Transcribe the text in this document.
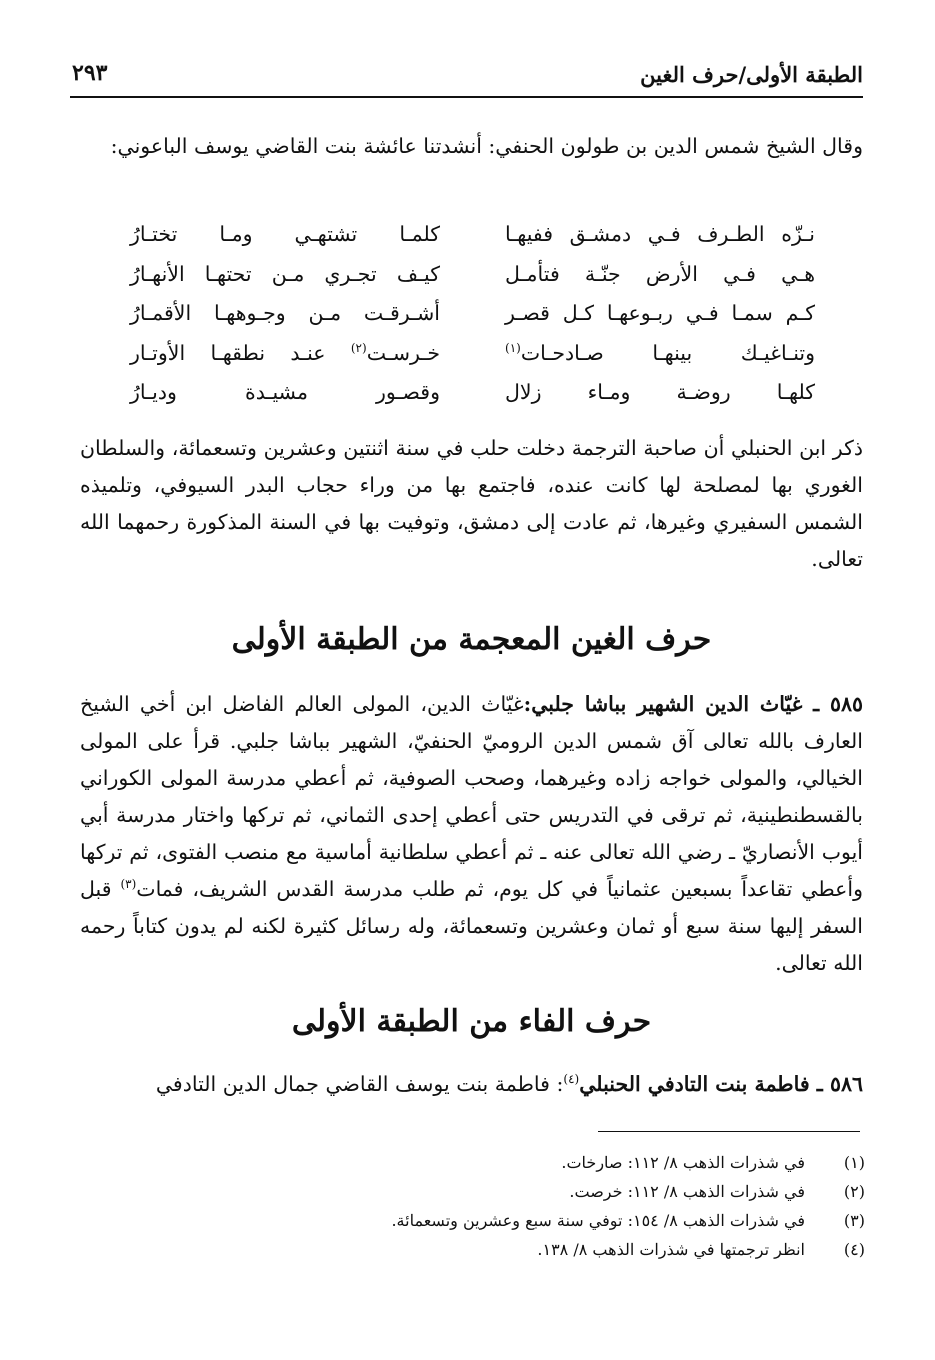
الطبقة الأولى/حرف الغين
٢٩٣
وقال الشيخ شمس الدين بن طولون الحنفي: أنشدتنا عائشة بنت القاضي يوسف الباعوني:
نـزّه الطـرف فـي دمشـق ففيهـا
كلمـا تشتهـي ومـا تختـارُ
هـي فـي الأرض جنّـة فتأمـل
كيـف تجـري مـن تحتهـا الأنهـارُ
كـم سمـا فـي ربـوعهـا كـل قصـر
أشـرقـت مـن وجـوههـا الأقمـارُ
وتنـاغيـك بينهـا صـادحـات$^{(١)}$
خـرسـت$^{(٢)}$ عنـد نطقهـا الأوتـار
كلهـا روضـة ومـاء زلال
وقصـور مشيـدة وديـارُ
ذكر ابن الحنبلي أن صاحبة الترجمة دخلت حلب في سنة اثنتين وعشرين وتسعمائة، والسلطان الغوري بها لمصلحة لها كانت عنده، فاجتمع بها من وراء حجاب البدر السيوفي، وتلميذه الشمس السفيري وغيرها، ثم عادت إلى دمشق، وتوفيت بها في السنة المذكورة رحمهما الله تعالى.
حرف الغين المعجمة من الطبقة الأولى
٥٨٥ ـ غيّاث الدين الشهير بباشا جلبي:غيّاث الدين، المولى العالم الفاضل ابن أخي الشيخ العارف بالله تعالى آق شمس الدين الروميّ الحنفيّ، الشهير بباشا جلبي. قرأ على المولى الخيالي، والمولى خواجه زاده وغيرهما، وصحب الصوفية، ثم أعطي مدرسة المولى الكوراني بالقسطنطينية، ثم ترقى في التدريس حتى أعطي إحدى الثماني، ثم تركها واختار مدرسة أبي أيوب الأنصاريّ ـ رضي الله تعالى عنه ـ ثم أعطي سلطانية أماسية مع منصب الفتوى، ثم تركها وأعطي تقاعداً بسبعين عثمانياً في كل يوم، ثم طلب مدرسة القدس الشريف، فمات$^{(٣)}$ قبل السفر إليها سنة سبع أو ثمان وعشرين وتسعمائة، وله رسائل كثيرة لكنه لم يدون كتاباً رحمه الله تعالى.
حرف الفاء من الطبقة الأولى
٥٨٦ ـ فاطمة بنت التادفي الحنبلي$^{(٤)}$: فاطمة بنت يوسف القاضي جمال الدين التادفي
(١)
في شذرات الذهب ٨/ ١١٢: صارخات.
(٢)
في شذرات الذهب ٨/ ١١٢: خرصت.
(٣)
في شذرات الذهب ٨/ ١٥٤: توفي سنة سبع وعشرين وتسعمائة.
(٤)
انظر ترجمتها في شذرات الذهب ٨/ ١٣٨.
